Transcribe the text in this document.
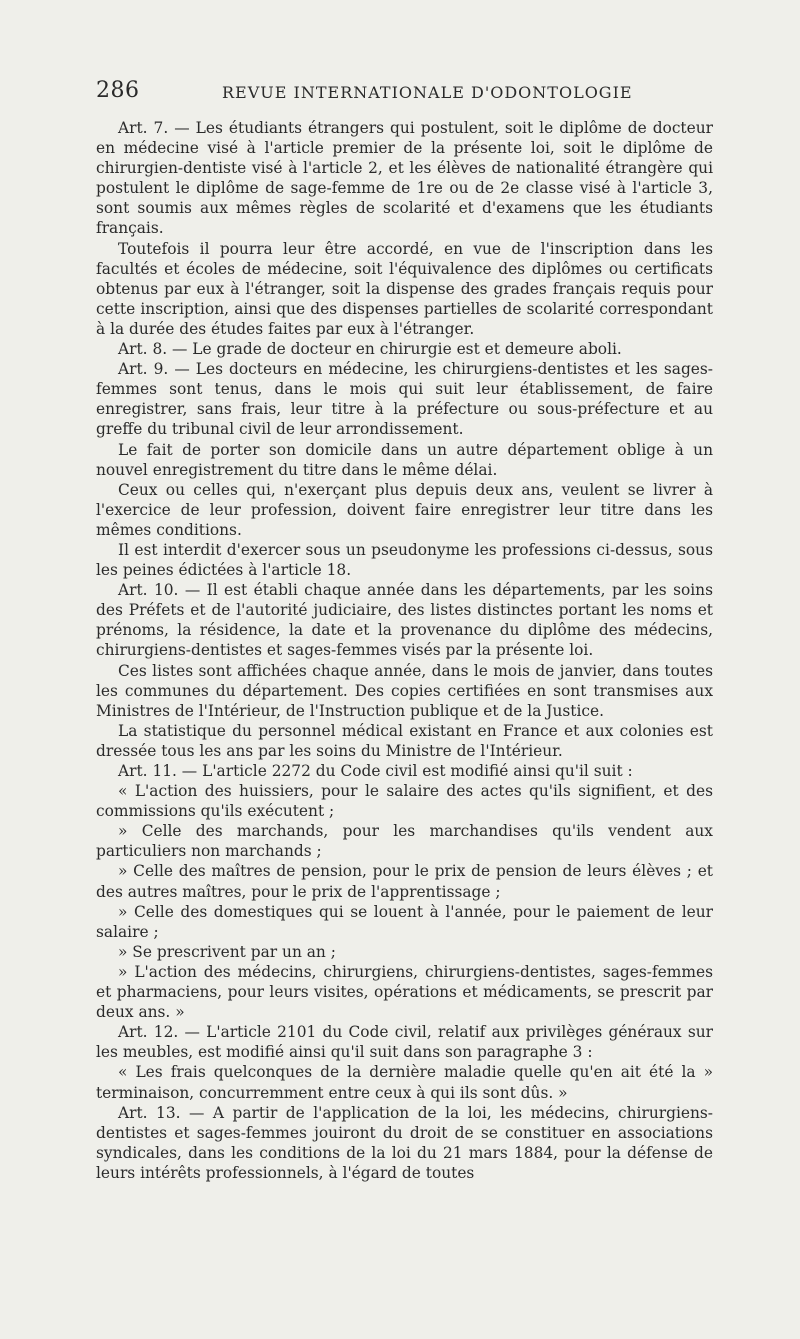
286	REVUE INTERNATIONALE D'ODONTOLOGIE

Art. 7. — Les étudiants étrangers qui postulent, soit le diplôme de docteur en médecine visé à l'article premier de la présente loi, soit le diplôme de chirurgien-dentiste visé à l'article 2, et les élèves de nationalité étrangère qui postulent le diplôme de sage-femme de 1re ou de 2e classe visé à l'article 3, sont soumis aux mêmes règles de scolarité et d'examens que les étudiants français.

Toutefois il pourra leur être accordé, en vue de l'inscription dans les facultés et écoles de médecine, soit l'équivalence des diplômes ou certificats obtenus par eux à l'étranger, soit la dispense des grades français requis pour cette inscription, ainsi que des dispenses partielles de scolarité correspondant à la durée des études faites par eux à l'étranger.

Art. 8. — Le grade de docteur en chirurgie est et demeure aboli.

Art. 9. — Les docteurs en médecine, les chirurgiens-dentistes et les sages-femmes sont tenus, dans le mois qui suit leur établissement, de faire enregistrer, sans frais, leur titre à la préfecture ou sous-préfecture et au greffe du tribunal civil de leur arrondissement.

Le fait de porter son domicile dans un autre département oblige à un nouvel enregistrement du titre dans le même délai.

Ceux ou celles qui, n'exerçant plus depuis deux ans, veulent se livrer à l'exercice de leur profession, doivent faire enregistrer leur titre dans les mêmes conditions.

Il est interdit d'exercer sous un pseudonyme les professions ci-dessus, sous les peines édictées à l'article 18.

Art. 10. — Il est établi chaque année dans les départements, par les soins des Préfets et de l'autorité judiciaire, des listes distinctes portant les noms et prénoms, la résidence, la date et la provenance du diplôme des médecins, chirurgiens-dentistes et sages-femmes visés par la présente loi.

Ces listes sont affichées chaque année, dans le mois de janvier, dans toutes les communes du département. Des copies certifiées en sont transmises aux Ministres de l'Intérieur, de l'Instruction publique et de la Justice.

La statistique du personnel médical existant en France et aux colonies est dressée tous les ans par les soins du Ministre de l'Intérieur.

Art. 11. — L'article 2272 du Code civil est modifié ainsi qu'il suit :

« L'action des huissiers, pour le salaire des actes qu'ils signifient, et des commissions qu'ils exécutent ;

» Celle des marchands, pour les marchandises qu'ils vendent aux particuliers non marchands ;

» Celle des maîtres de pension, pour le prix de pension de leurs élèves ; et des autres maîtres, pour le prix de l'apprentissage ;

» Celle des domestiques qui se louent à l'année, pour le paiement de leur salaire ;

» Se prescrivent par un an ;

» L'action des médecins, chirurgiens, chirurgiens-dentistes, sages-femmes et pharmaciens, pour leurs visites, opérations et médicaments, se prescrit par deux ans. »

Art. 12. — L'article 2101 du Code civil, relatif aux privilèges généraux sur les meubles, est modifié ainsi qu'il suit dans son paragraphe 3 :

« Les frais quelconques de la dernière maladie quelle qu'en ait été la » terminaison, concurremment entre ceux à qui ils sont dûs. »

Art. 13. — A partir de l'application de la loi, les médecins, chirurgiens-dentistes et sages-femmes jouiront du droit de se constituer en associations syndicales, dans les conditions de la loi du 21 mars 1884, pour la défense de leurs intérêts professionnels, à l'égard de toutes
